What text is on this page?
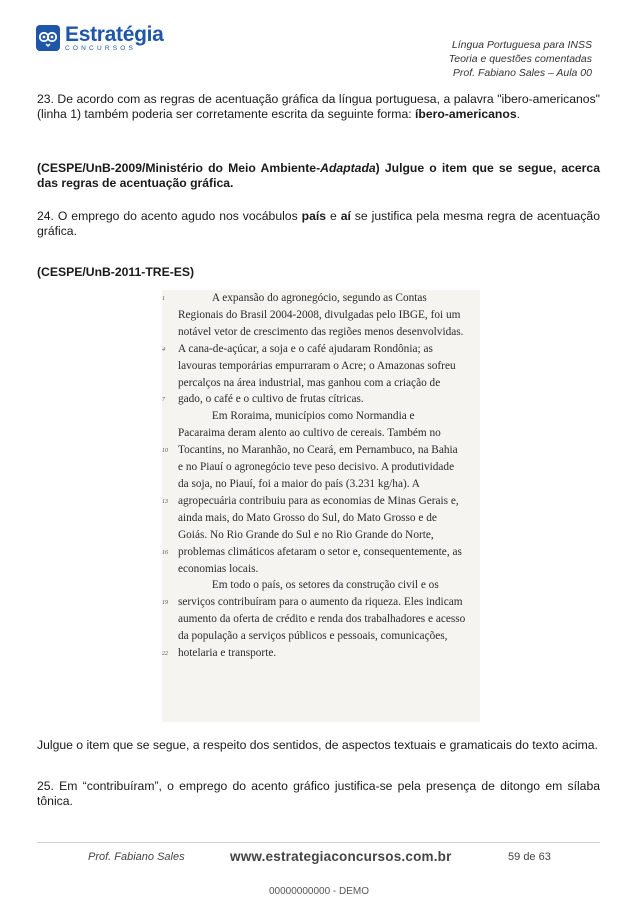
Estratégia
CONCURSOS	Língua Portuguesa para INSS
Teoria e questões comentadas
Prof. Fabiano Sales – Aula 00

23. De acordo com as regras de acentuação gráfica da língua portuguesa, a palavra "ibero-americanos" (linha 1) também poderia ser corretamente escrita da seguinte forma: íbero-americanos.

(CESPE/UnB-2009/Ministério do Meio Ambiente-Adaptada) Julgue o item que se segue, acerca das regras de acentuação gráfica.

24. O emprego do acento agudo nos vocábulos país e aí se justifica pela mesma regra de acentuação gráfica.

(CESPE/UnB-2011-TRE-ES)
1    A expansão do agronegócio, segundo as Contas
Regionais do Brasil 2004-2008, divulgadas pelo IBGE, foi um
notável vetor de crescimento das regiões menos desenvolvidas.
4 A cana-de-açúcar, a soja e o café ajudaram Rondônia; as
lavouras temporárias empurraram o Acre; o Amazonas sofreu
percalços na área industrial, mas ganhou com a criação de
7 gado, o café e o cultivo de frutas cítricas.
   Em Roraima, municípios como Normandia e
Pacaraima deram alento ao cultivo de cereais. Também no
10 Tocantins, no Maranhão, no Ceará, em Pernambuco, na Bahia
e no Piauí o agronegócio teve peso decisivo. A produtividade
da soja, no Piauí, foi a maior do país (3.231 kg/ha). A
13 agropecuária contribuiu para as economias de Minas Gerais e,
ainda mais, do Mato Grosso do Sul, do Mato Grosso e de
Goiás. No Rio Grande do Sul e no Rio Grande do Norte,
16 problemas climáticos afetaram o setor e, consequentemente, as
economias locais.
   Em todo o país, os setores da construção civil e os
19 serviços contribuíram para o aumento da riqueza. Eles indicam
aumento da oferta de crédito e renda dos trabalhadores e acesso
da população a serviços públicos e pessoais, comunicações,
22 hotelaria e transporte.
Julgue o item que se segue, a respeito dos sentidos, de aspectos textuais e gramaticais do texto acima.
25. Em “contribuíram”, o emprego do acento gráfico justifica-se pela presença de ditongo em sílaba tônica.
Prof. Fabiano Sales	www.estrategiaconcursos.com.br	59 de 63
00000000000 - DEMO
